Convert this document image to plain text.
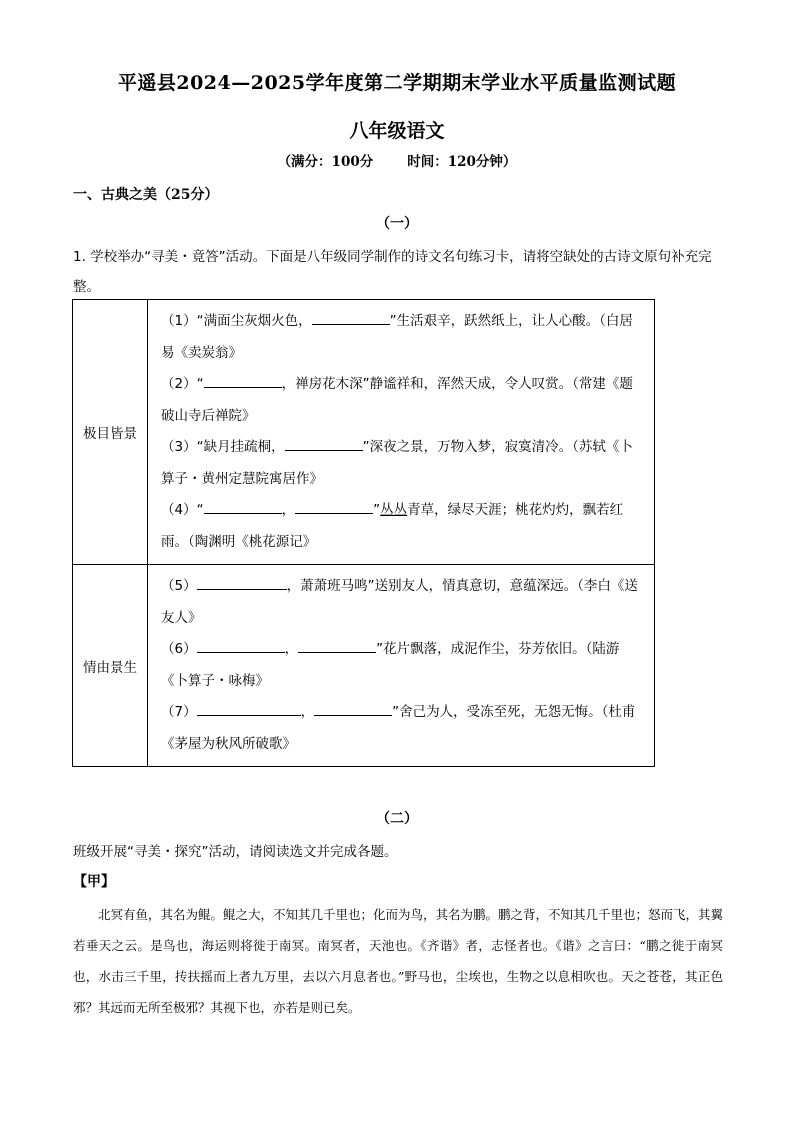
平遥县2024—2025学年度第二学期期末学业水平质量监测试题
八年级语文
（满分：100分	时间：120分钟）
一、古典之美（25分）
（一）
1. 学校举办“寻美・竟答”活动。下面是八年级同学制作的诗文名句练习卡，请将空缺处的古诗文原句补充完整。
极目皆景	（1）“满面尘灰烟火色， ”生活艰辛，跃然纸上，让人心酸。（白居易《卖炭翁》
（2）“ ，禅房花木深”静谧祥和，浑然天成，令人叹赏。（常建《题破山寺后禅院》
（3）“缺月挂疏桐， ”深夜之景，万物入梦，寂寞清冷。（苏轼《卜算子・黄州定慧院寓居作》
（4）“ ， ”丛丛青草，绿尽天涯；桃花灼灼，飘若红雨。（陶渊明《桃花源记》

情由景生	（5） ，萧萧班马鸣”送别友人，情真意切，意蕴深远。（李白《送友人》
（6） ， ”花片飘落，成泥作尘，芬芳依旧。（陆游《卜算子・咏梅》
（7） ， ”舍己为人，受冻至死，无怨无悔。（杜甫《茅屋为秋风所破歌》
（二）
班级开展“寻美・探究”活动，请阅读选文并完成各题。
【甲】
北冥有鱼，其名为鲲。鲲之大，不知其几千里也；化而为鸟，其名为鹏。鹏之背，不知其几千里也；怒而飞，其翼若垂天之云。是鸟也，海运则将徙于南冥。南冥者，天池也。《齐谐》者，志怪者也。《谐》之言曰：“鹏之徙于南冥也，水击三千里，抟扶摇而上者九万里，去以六月息者也。”野马也，尘埃也，生物之以息相吹也。天之苍苍，其正色邪？其远而无所至极邪？其视下也，亦若是则已矣。
